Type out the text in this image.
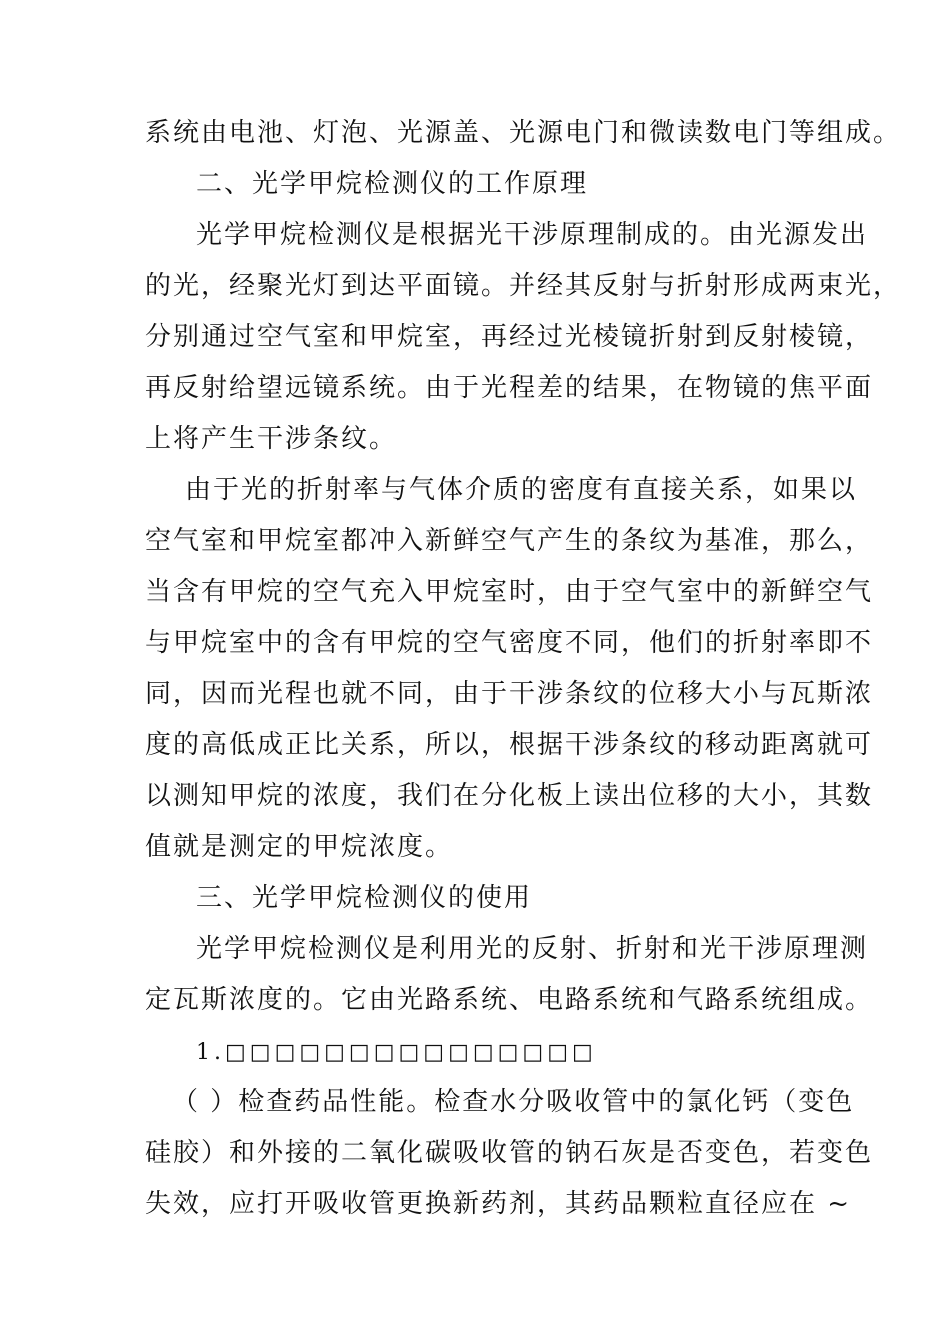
系统由电池、灯泡、光源盖、光源电门和微读数电门等组成。
二、光学甲烷检测仪的工作原理
光学甲烷检测仪是根据光干涉原理制成的。由光源发出
的光，经聚光灯到达平面镜。并经其反射与折射形成两束光，
分别通过空气室和甲烷室，再经过光棱镜折射到反射棱镜，
再反射给望远镜系统。由于光程差的结果，在物镜的焦平面
上将产生干涉条纹。
由于光的折射率与气体介质的密度有直接关系，如果以
空气室和甲烷室都冲入新鲜空气产生的条纹为基准，那么，
当含有甲烷的空气充入甲烷室时，由于空气室中的新鲜空气
与甲烷室中的含有甲烷的空气密度不同，他们的折射率即不
同，因而光程也就不同，由于干涉条纹的位移大小与瓦斯浓
度的高低成正比关系，所以，根据干涉条纹的移动距离就可
以测知甲烷的浓度，我们在分化板上读出位移的大小，其数
值就是测定的甲烷浓度。
三、光学甲烷检测仪的使用
光学甲烷检测仪是利用光的反射、折射和光干涉原理测
定瓦斯浓度的。它由光路系统、电路系统和气路系统组成。
1.□□□□□□□□□□□□□□□
（ ）检查药品性能。检查水分吸收管中的氯化钙（变色
硅胶）和外接的二氧化碳吸收管的钠石灰是否变色，若变色
失效，应打开吸收管更换新药剂，其药品颗粒直径应在 ~
